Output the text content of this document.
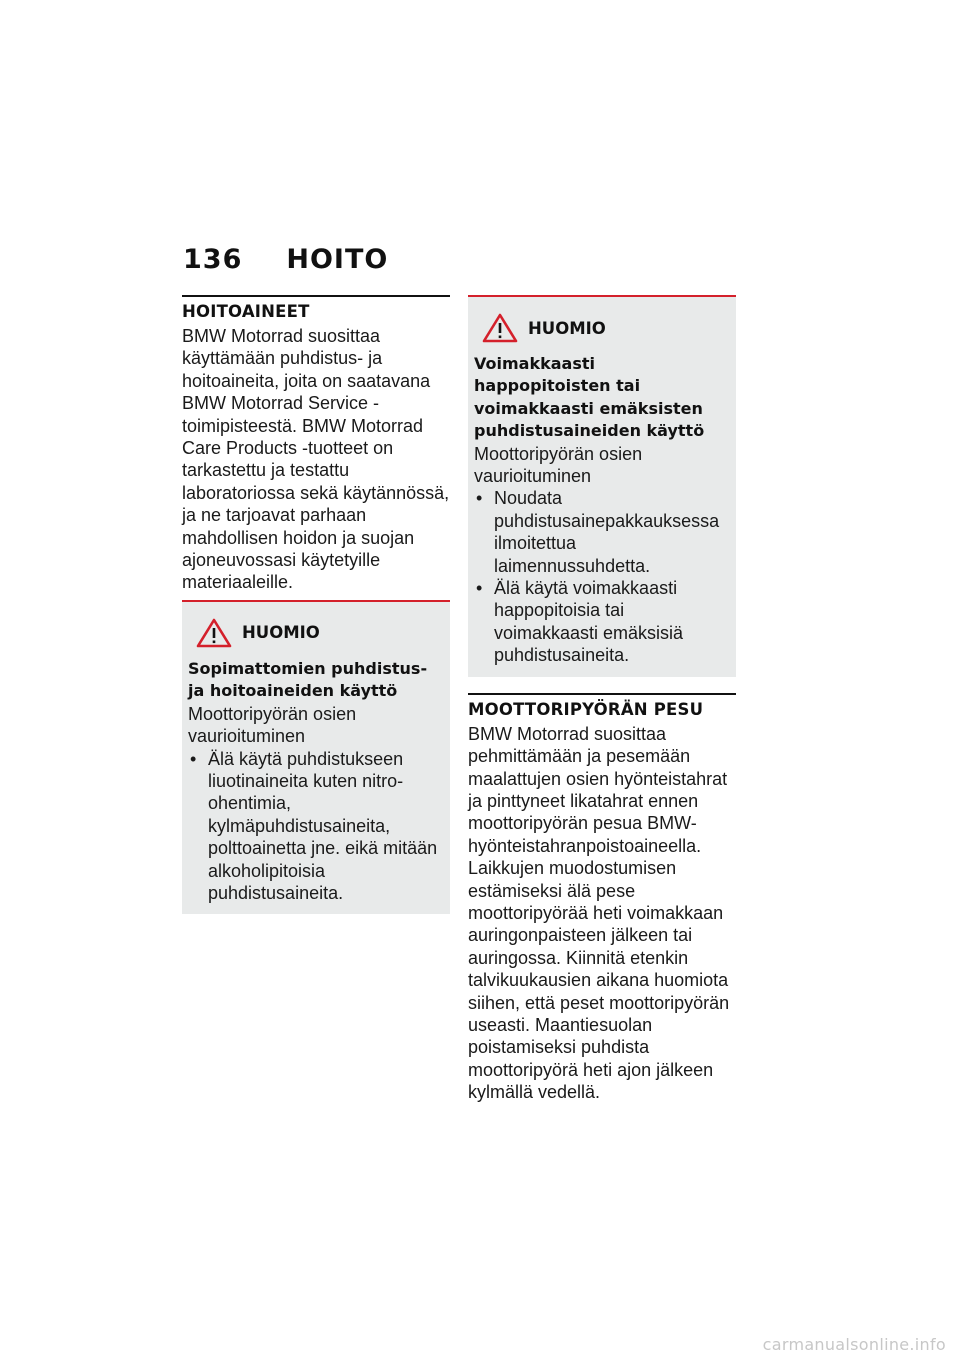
136 HOITO
HOITOAINEET

BMW Motorrad suosittaa käyttämään puhdistus- ja hoitoaineita, joita on saatavana BMW Motorrad Service -toimipisteestä. BMW Motorrad Care Products -tuotteet on tarkastettu ja testattu laboratoriossa sekä käytännössä, ja ne tarjoavat parhaan mahdollisen hoidon ja suojan ajoneuvossasi käytetyille materiaaleille.

HUOMIO
Sopimattomien puhdistus- ja hoitoaineiden käyttö
Moottoripyörän osien vaurioituminen
• Älä käytä puhdistukseen liuotinaineita kuten nitro-ohentimia, kylmäpuhdistusaineita, polttoainetta jne. eikä mitään alkoholipitoisia puhdistusaineita.
HUOMIO
Voimakkaasti happopitoisten tai voimakkaasti emäksisten puhdistusaineiden käyttö
Moottoripyörän osien vaurioituminen
• Noudata puhdistusainepakkauksessa ilmoitettua laimennussuhdetta.
• Älä käytä voimakkaasti happopitoisia tai voimakkaasti emäksisiä puhdistusaineita.
MOOTTORIPYÖRÄN PESU

BMW Motorrad suosittaa pehmittämään ja pesemään maalattujen osien hyönteistahrat ja pinttyneet likatahrat ennen moottoripyörän pesua BMW-hyönteistahranpoistoaineella. Laikkujen muodostumisen estämiseksi älä pese moottoripyörää heti voimakkaan auringonpaisteen jälkeen tai auringossa. Kiinnitä etenkin talvikuukausien aikana huomiota siihen, että peset moottoripyörän useasti. Maantiesuolan poistamiseksi puhdista moottoripyörä heti ajon jälkeen kylmällä vedellä.

carmanualsonline.info
